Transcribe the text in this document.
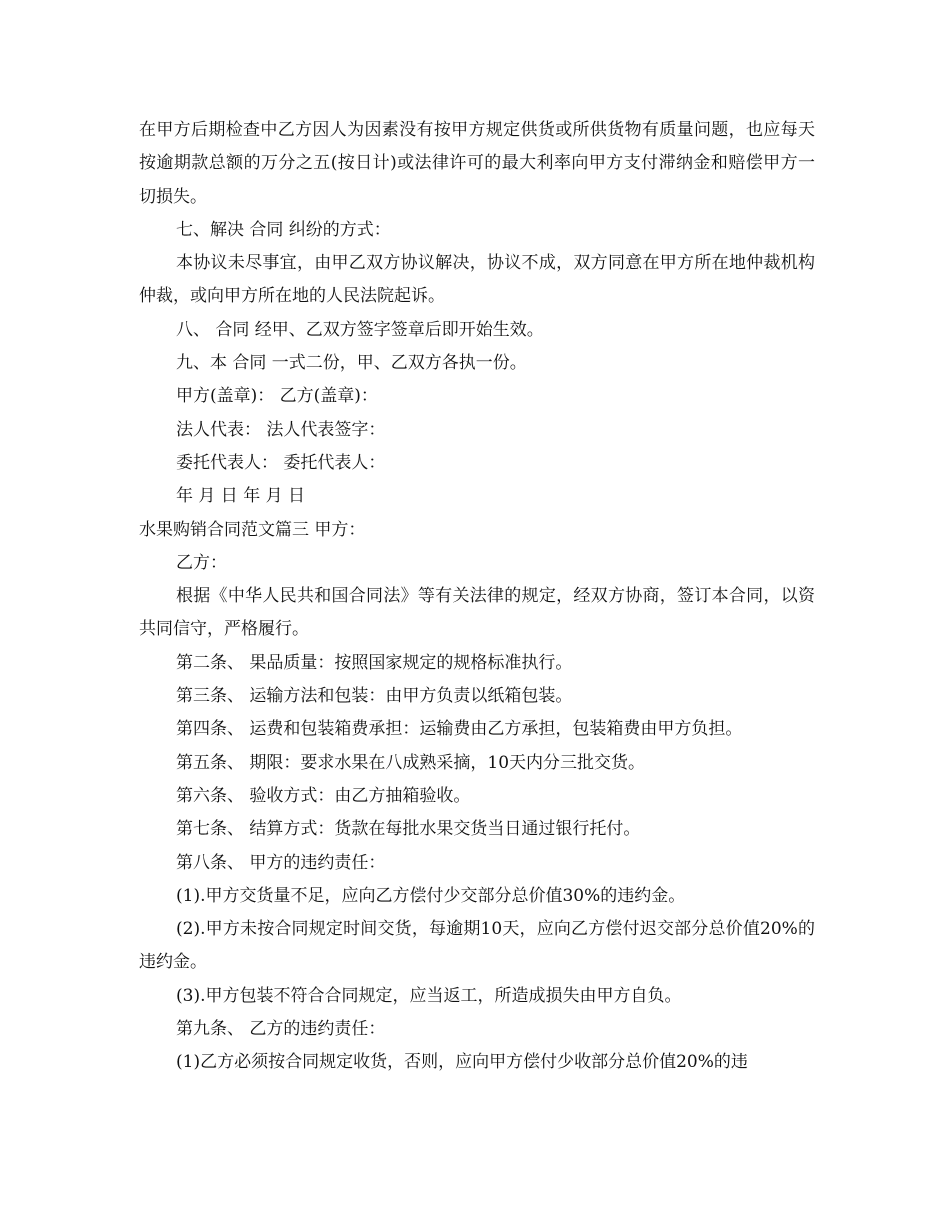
在甲方后期检查中乙方因人为因素没有按甲方规定供货或所供货物有质量问题，也应每天按逾期款总额的万分之五(按日计)或法律许可的最大利率向甲方支付滞纳金和赔偿甲方一切损失。

七、解决 合同 纠纷的方式：

本协议未尽事宜，由甲乙双方协议解决，协议不成，双方同意在甲方所在地仲裁机构仲裁，或向甲方所在地的人民法院起诉。

八、 合同 经甲、乙双方签字签章后即开始生效。

九、本 合同 一式二份，甲、乙双方各执一份。

甲方(盖章)： 乙方(盖章)：

法人代表： 法人代表签字：

委托代表人： 委托代表人：

年 月 日 年 月 日

水果购销合同范文篇三 甲方：

乙方：

根据《中华人民共和国合同法》等有关法律的规定，经双方协商，签订本合同，以资共同信守，严格履行。

第二条、 果品质量：按照国家规定的规格标准执行。

第三条、 运输方法和包装：由甲方负责以纸箱包装。

第四条、 运费和包装箱费承担：运输费由乙方承担，包装箱费由甲方负担。

第五条、 期限：要求水果在八成熟采摘，10天内分三批交货。

第六条、 验收方式：由乙方抽箱验收。

第七条、 结算方式：货款在每批水果交货当日通过银行托付。

第八条、 甲方的违约责任：

(1).甲方交货量不足，应向乙方偿付少交部分总价值30%的违约金。

(2).甲方未按合同规定时间交货，每逾期10天，应向乙方偿付迟交部分总价值20%的违约金。

(3).甲方包装不符合合同规定，应当返工，所造成损失由甲方自负。

第九条、 乙方的违约责任：

(1)乙方必须按合同规定收货，否则，应向甲方偿付少收部分总价值20%的违
